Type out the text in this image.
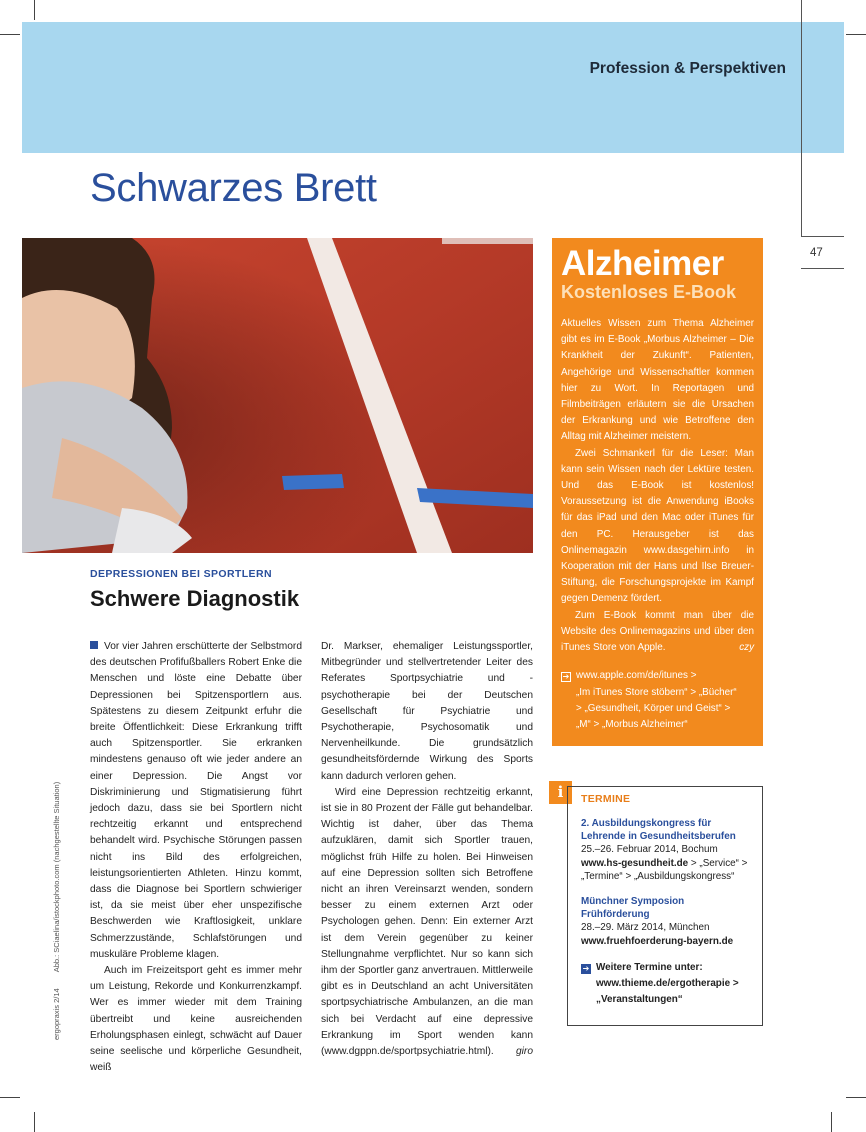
Profession & Perspektiven
47
Schwarzes Brett
ergopraxis 2/14Abb.: SCiaelina/istockphoto.com (nachgestellte Situation)
DEPRESSIONEN BEI SPORTLERN
Schwere Diagnostik

Vor vier Jahren erschütterte der Selbstmord des deutschen Profifußballers Robert Enke die Menschen und löste eine Debatte über Depressionen bei Spitzensportlern aus. Spätestens zu diesem Zeitpunkt erfuhr die breite Öffentlichkeit: Diese Erkrankung trifft auch Spitzensportler. Sie erkranken mindestens genauso oft wie jeder andere an einer Depression. Die Angst vor Diskriminierung und Stigmatisierung führt jedoch dazu, dass sie bei Sportlern nicht rechtzeitig erkannt und entsprechend behandelt wird. Psychische Störungen passen nicht ins Bild des erfolgreichen, leistungsorientierten Athleten. Hinzu kommt, dass die Diagnose bei Sportlern schwieriger ist, da sie meist über eher unspezifische Beschwerden wie Kraftlosigkeit, unklare Schmerzzustände, Schlafstörungen und muskuläre Probleme klagen.

Auch im Freizeitsport geht es immer mehr um Leistung, Rekorde und Konkurrenzkampf. Wer es immer wieder mit dem Training übertreibt und keine ausreichenden Erholungsphasen einlegt, schwächt auf Dauer seine seelische und körperliche Gesundheit, weiß

Dr. Markser, ehemaliger Leistungssportler, Mitbegründer und stellvertretender Leiter des Referates Sportpsychiatrie und -psychotherapie bei der Deutschen Gesellschaft für Psychiatrie und Psychotherapie, Psychosomatik und Nervenheilkunde. Die grundsätzlich gesundheitsfördernde Wirkung des Sports kann dadurch verloren gehen.

Wird eine Depression rechtzeitig erkannt, ist sie in 80 Prozent der Fälle gut behandelbar. Wichtig ist daher, über das Thema aufzuklären, damit sich Sportler trauen, möglichst früh Hilfe zu holen. Bei Hinweisen auf eine Depression sollten sich Betroffene nicht an ihren Vereinsarzt wenden, sondern besser zu einem externen Arzt oder Psychologen gehen. Denn: Ein externer Arzt ist dem Verein gegenüber zu keiner Stellungnahme verpflichtet. Nur so kann sich ihm der Sportler ganz anvertrauen. Mittlerweile gibt es in Deutschland an acht Universitäten sportpsychiatrische Ambulanzen, an die man sich bei Verdacht auf eine depressive Erkrankung im Sport wenden kann (www.dgppn.de/sportpsychiatrie.html).	giro
Alzheimer
Kostenloses E-Book

Aktuelles Wissen zum Thema Alzheimer gibt es im E-Book „Morbus Alzheimer – Die Krankheit der Zukunft“. Patienten, Angehörige und Wissenschaftler kommen hier zu Wort. In Reportagen und Filmbeiträgen erläutern sie die Ursachen der Erkrankung und wie Betroffene den Alltag mit Alzheimer meistern.

Zwei Schmankerl für die Leser: Man kann sein Wissen nach der Lektüre testen. Und das E-Book ist kostenlos! Voraussetzung ist die Anwendung iBooks für das iPad und den Mac oder iTunes für den PC. Herausgeber ist das Onlinemagazin www.dasgehirn.info in Kooperation mit der Hans und Ilse Breuer-Stiftung, die Forschungsprojekte im Kampf gegen Demenz fördert.

Zum E-Book kommt man über die Website des Onlinemagazins und über den iTunes Store von Apple.	czy
➔ www.apple.com/de/itunes >
„Im iTunes Store stöbern“ > „Bücher“
> „Gesundheit, Körper und Geist“ >
„M“ > „Morbus Alzheimer“
i	TERMINE
2. Ausbildungskongress für Lehrende in Gesundheitsberufen
25.–26. Februar 2014, Bochum
www.hs-gesundheit.de > „Service“ >
„Termine“ > „Ausbildungskongress“
Münchner Symposion Frühförderung
28.–29. März 2014, München
www.fruehfoerderung-bayern.de
➔ Weitere Termine unter:
www.thieme.de/ergotherapie >
„Veranstaltungen“
